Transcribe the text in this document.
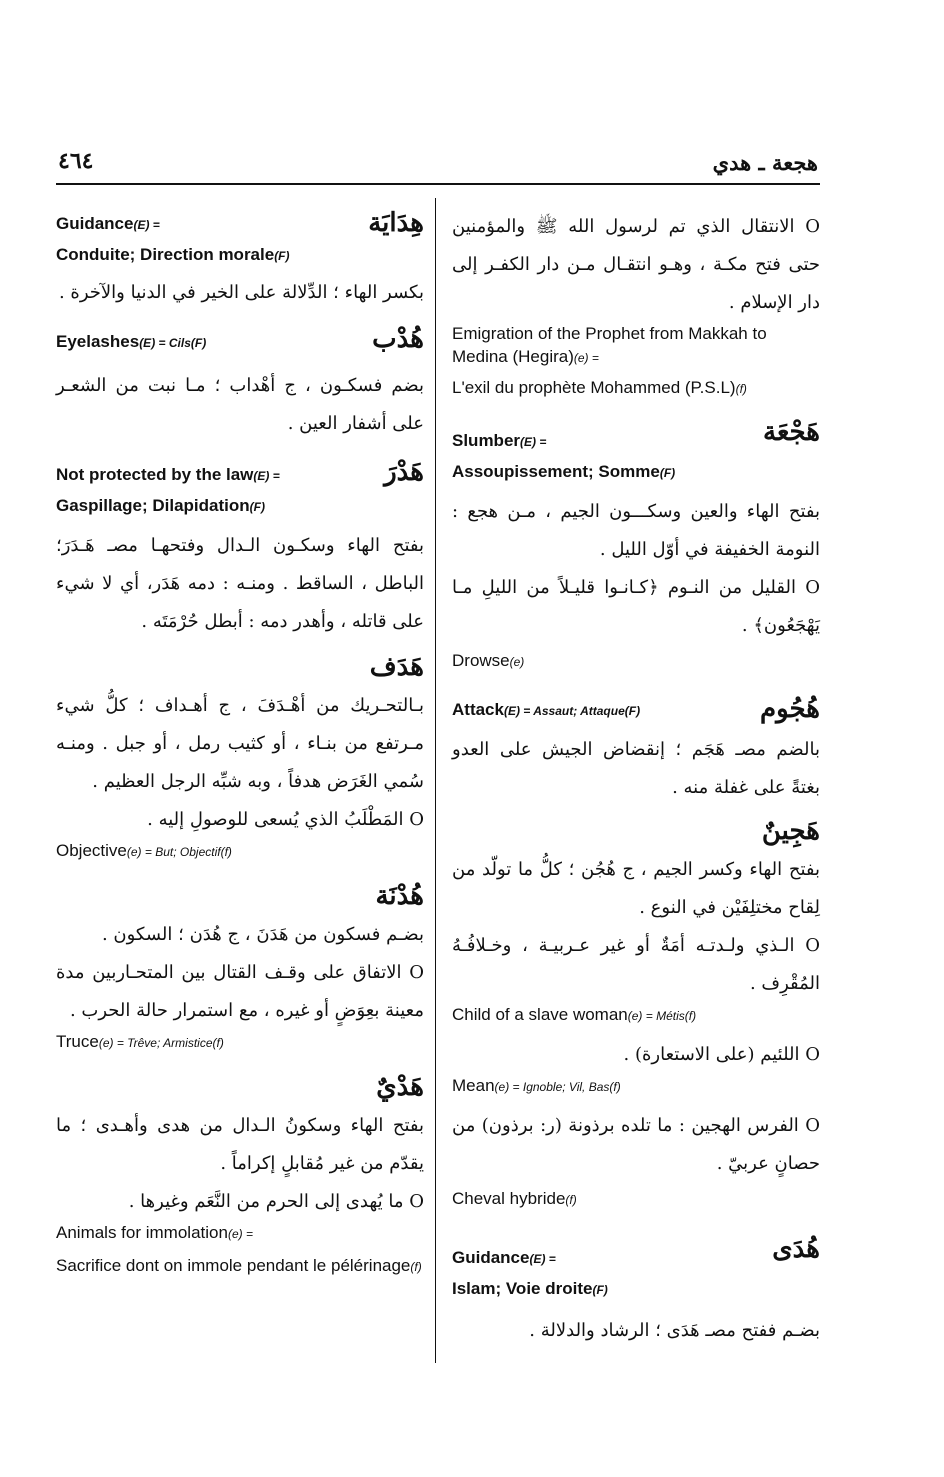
هجعة ـ هدي
٤٦٤
O الانتقال الذي تم لرسول الله ﷺ والمؤمنين حتى فتح مكـة ، وهـو انتقـال مـن دار الكفـر إلى دار الإسلام .
Emigration of the Prophet from Makkah to Medina (Hegira)(e) =
L'exil du prophète Mohammed (P.S.L)(f)
هَجْعَة
Slumber(E) =
Assoupissement; Somme(F)
بفتح الهاء والعين وسكـــون الجيم ، مـن هجع : النومة الخفيفة في أوّل الليل .
O القليل من النـوم ﴿كـانـوا قليـلاً من الليلِ مـا يَهْجَعُون﴾ .
Drowse(e)
هُجُوم
Attack(E) = Assaut; Attaque(F)
بالضم مصـ هَجَم ؛ إنقضاض الجيش على العدو بغتةً على غفلة منه .
هَجِينٌ
بفتح الهاء وكسر الجيم ، ج هُجُن ؛ كلُّ ما تولّد من لِقاح مختلِفَيْن في النوع .
O الـذي ولـدتـه أمَةٌ أو غير عـربيـة ، وخـلافُـهُ المُقْرِف .
Child of a slave woman(e) = Métis(f)
O اللئيم (على الاستعارة) .
Mean(e) = Ignoble; Vil, Bas(f)
O الفرس الهجين : ما تلده برذونة (ر: برذون) من حصانٍ عربيّ .
Cheval hybride(f)
هُدَى
Guidance(E) =
Islam; Voie droite(F)
بضـم ففتح مصـ هَدَى ؛ الرشاد والدلالة .
هِدَايَة
Guidance(E) =
Conduite; Direction morale(F)
بكسر الهاء ؛ الدِّلالة على الخير في الدنيا والآخرة .
هُدْب
Eyelashes(E) = Cils(F)
بضم فسكـون ، ج أهْداب ؛ مـا نبت من الشعـر على أشفار العين .
هَدْرَ
Not protected by the law(E) =
Gaspillage; Dilapidation(F)
بفتح الهاء وسكـون الـدال وفتحهـا مصـ هَـدَرَ؛ الباطل ، الساقط . ومنـه : دمه هَدَر، أي لا شيء على قاتله ، وأهدر دمه : أبطل حُرْمَتَه .
هَدَف
بـالتحـريك من أهْـدَفَ ، ج أهـداف ؛ كلُّ شيء مـرتفع من بنـاء ، أو كثيب رمل ، أو جبل . ومنـه سُمي الغَرَض هدفاً ، وبه شبِّه الرجل العظيم .
O المَطْلَبُ الذي يُسعى للوصولِ إليه .
Objective(e) = But; Objectif(f)
هُدْنَة
بضـم فسكون من هَدَنَ ، ج هُدَن ؛ السكون .
O الاتفاق على وقـف القتال بين المتحـاربين مدة معينة بعِوَضٍ أو غيره ، مع استمرار حالة الحرب .
Truce(e) = Trêve; Armistice(f)
هَدْيٌ
بفتح الهاء وسكونُ الـدال من هدى وأهـدى ؛ ما يقدّم من غير مُقابلٍ إكراماً .
O ما يُهدى إلى الحرم من النَّعَم وغيرها .
Animals for immolation(e) =
Sacrifice dont on immole pendant le pélérinage(f)
